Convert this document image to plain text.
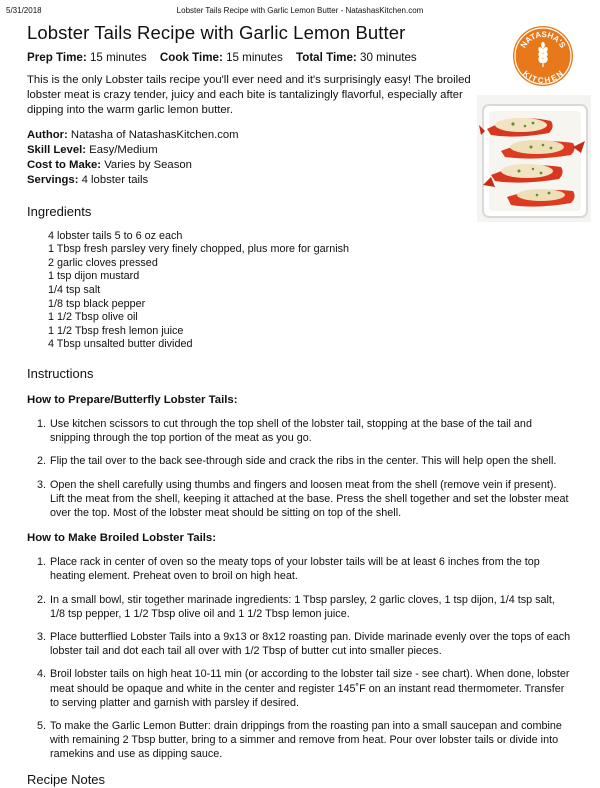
5/31/2018	Lobster Tails Recipe with Garlic Lemon Butter - NatashasKitchen.com
NATASHA'S
KITCHEN
Lobster Tails Recipe with Garlic Lemon Butter
Prep Time: 15 minutes Cook Time: 15 minutes Total Time: 30 minutes

This is the only Lobster tails recipe you'll ever need and it's surprisingly easy! The broiled lobster meat is crazy tender, juicy and each bite is tantalizingly flavorful, especially after dipping into the warm garlic lemon butter.

Author: Natasha of NatashasKitchen.com
Skill Level: Easy/Medium
Cost to Make: Varies by Season
Servings: 4 lobster tails
Ingredients
4 lobster tails 5 to 6 oz each
1 Tbsp fresh parsley very finely chopped, plus more for garnish
2 garlic cloves pressed
1 tsp dijon mustard
1/4 tsp salt
1/8 tsp black pepper
1 1/2 Tbsp olive oil
1 1/2 Tbsp fresh lemon juice
4 Tbsp unsalted butter divided
Instructions
How to Prepare/Butterfly Lobster Tails:
1. Use kitchen scissors to cut through the top shell of the lobster tail, stopping at the base of the tail and snipping through the top portion of the meat as you go.
2. Flip the tail over to the back see-through side and crack the ribs in the center. This will help open the shell.
3. Open the shell carefully using thumbs and fingers and loosen meat from the shell (remove vein if present). Lift the meat from the shell, keeping it attached at the base. Press the shell together and set the lobster meat over the top. Most of the lobster meat should be sitting on top of the shell.
How to Make Broiled Lobster Tails:
1. Place rack in center of oven so the meaty tops of your lobster tails will be at least 6 inches from the top heating element. Preheat oven to broil on high heat.
2. In a small bowl, stir together marinade ingredients: 1 Tbsp parsley, 2 garlic cloves, 1 tsp dijon, 1/4 tsp salt, 1/8 tsp pepper, 1 1/2 Tbsp olive oil and 1 1/2 Tbsp lemon juice.
3. Place butterflied Lobster Tails into a 9x13 or 8x12 roasting pan. Divide marinade evenly over the tops of each lobster tail and dot each tail all over with 1/2 Tbsp of butter cut into smaller pieces.
4. Broil lobster tails on high heat 10-11 min (or according to the lobster tail size - see chart). When done, lobster meat should be opaque and white in the center and register 145˚F on an instant read thermometer. Transfer to serving platter and garnish with parsley if desired.
5. To make the Garlic Lemon Butter: drain drippings from the roasting pan into a small saucepan and combine with remaining 2 Tbsp butter, bring to a simmer and remove from heat. Pour over lobster tails or divide into ramekins and use as dipping sauce.
Recipe Notes
